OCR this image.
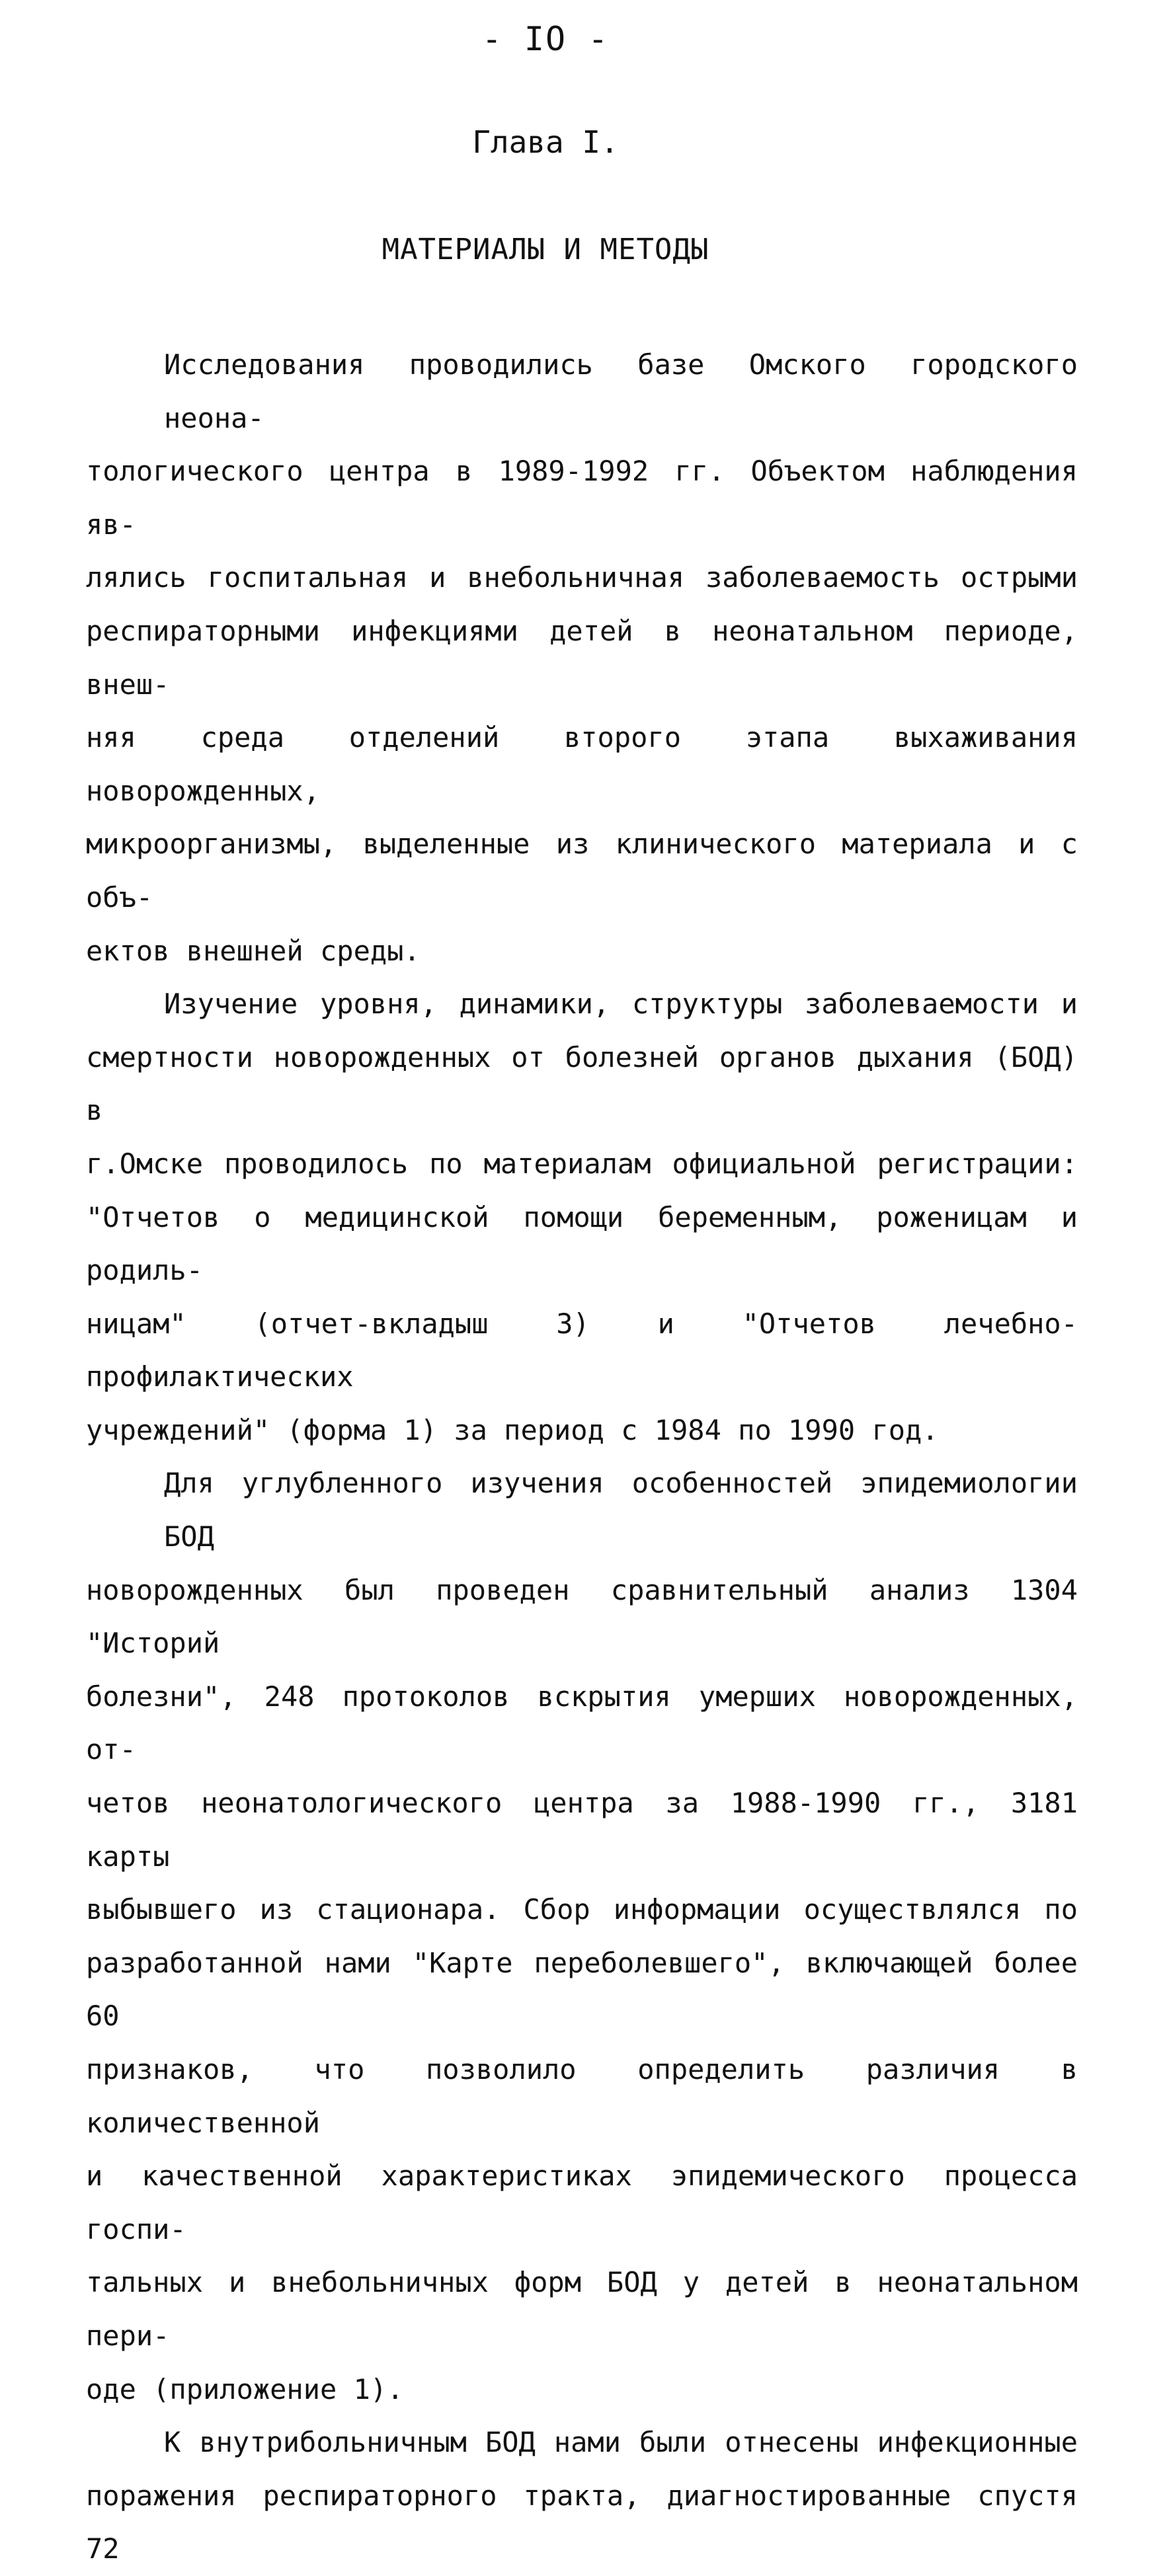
- IO -
Глава I.
МАТЕРИАЛЫ И МЕТОДЫ
Исследования проводились базе Омского городского неона-
тологического центра в 1989-1992 гг. Объектом наблюдения яв-
лялись госпитальная и внебольничная заболеваемость острыми
респираторными инфекциями детей в неонатальном периоде, внеш-
няя среда отделений второго этапа выхаживания новорожденных,
микроорганизмы, выделенные из клинического материала и с объ-
ектов внешней среды.
Изучение уровня, динамики, структуры заболеваемости и
смертности новорожденных от болезней органов дыхания (БОД) в
г.Омске проводилось по материалам официальной регистрации:
"Отчетов о медицинской помощи беременным, роженицам и родиль-
ницам" (отчет-вкладыш 3) и "Отчетов лечебно-профилактических
учреждений" (форма 1) за период с 1984 по 1990 год.
Для углубленного изучения особенностей эпидемиологии БОД
новорожденных был проведен сравнительный анализ 1304 "Историй
болезни", 248 протоколов вскрытия умерших новорожденных, от-
четов неонатологического центра за 1988-1990 гг., 3181 карты
выбывшего из стационара. Сбор информации осуществлялся по
разработанной нами "Карте переболевшего", включающей более 60
признаков, что позволило определить различия в количественной
и качественной характеристиках эпидемического процесса госпи-
тальных и внебольничных форм БОД у детей в неонатальном пери-
оде (приложение 1).
К внутрибольничным БОД нами были отнесены инфекционные
поражения респираторного тракта, диагностированные спустя 72
